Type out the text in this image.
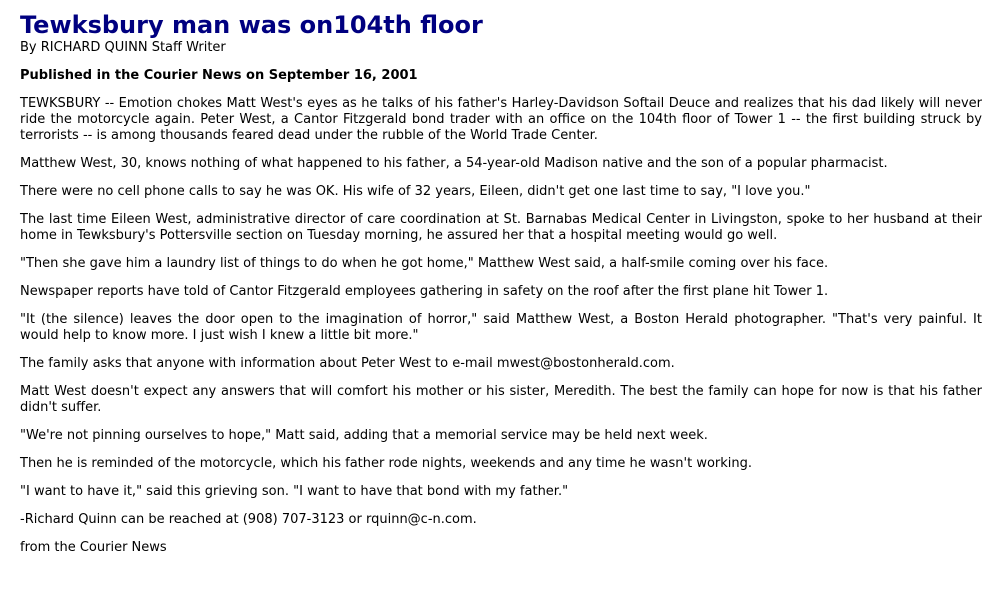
Tewksbury man was on104th floor
By RICHARD QUINN Staff Writer
Published in the Courier News on September 16, 2001

TEWKSBURY -- Emotion chokes Matt West's eyes as he talks of his father's Harley-Davidson Softail Deuce and realizes that his dad likely will never ride the motorcycle again. Peter West, a Cantor Fitzgerald bond trader with an office on the 104th floor of Tower 1 -- the first building struck by terrorists -- is among thousands feared dead under the rubble of the World Trade Center.

Matthew West, 30, knows nothing of what happened to his father, a 54-year-old Madison native and the son of a popular pharmacist.

There were no cell phone calls to say he was OK. His wife of 32 years, Eileen, didn't get one last time to say, "I love you."

The last time Eileen West, administrative director of care coordination at St. Barnabas Medical Center in Livingston, spoke to her husband at their home in Tewksbury's Pottersville section on Tuesday morning, he assured her that a hospital meeting would go well.

"Then she gave him a laundry list of things to do when he got home," Matthew West said, a half-smile coming over his face.

Newspaper reports have told of Cantor Fitzgerald employees gathering in safety on the roof after the first plane hit Tower 1.

"It (the silence) leaves the door open to the imagination of horror," said Matthew West, a Boston Herald photographer. "That's very painful. It would help to know more. I just wish I knew a little bit more."

The family asks that anyone with information about Peter West to e-mail mwest@bostonherald.com.

Matt West doesn't expect any answers that will comfort his mother or his sister, Meredith. The best the family can hope for now is that his father didn't suffer.

"We're not pinning ourselves to hope," Matt said, adding that a memorial service may be held next week.

Then he is reminded of the motorcycle, which his father rode nights, weekends and any time he wasn't working.

"I want to have it," said this grieving son. "I want to have that bond with my father."

-Richard Quinn can be reached at (908) 707-3123 or rquinn@c-n.com.

from the Courier News
